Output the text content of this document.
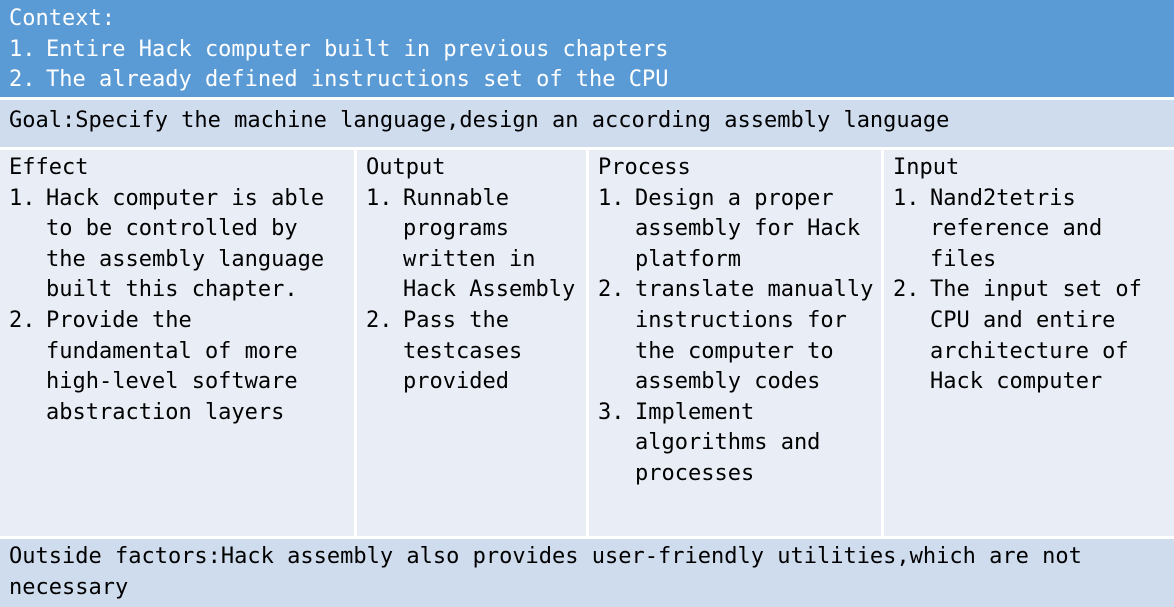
Context:
1. Entire Hack computer built in previous chapters
2. The already defined instructions set of the CPU
Goal:Specify the machine language,design an according assembly language
Effect
1. Hack computer is able to be controlled by the assembly language built this chapter.
2. Provide the fundamental of more high-level software abstraction layers
Output
1. Runnable programs written in Hack Assembly
2. Pass the testcases provided
Process
1. Design a proper assembly for Hack platform
2. translate manually instructions for the computer to assembly codes
3. Implement algorithms and processes
Input
1. Nand2tetris reference and files
2. The input set of CPU and entire architecture of Hack computer
Outside factors:Hack assembly also provides user-friendly utilities,which are not necessary
